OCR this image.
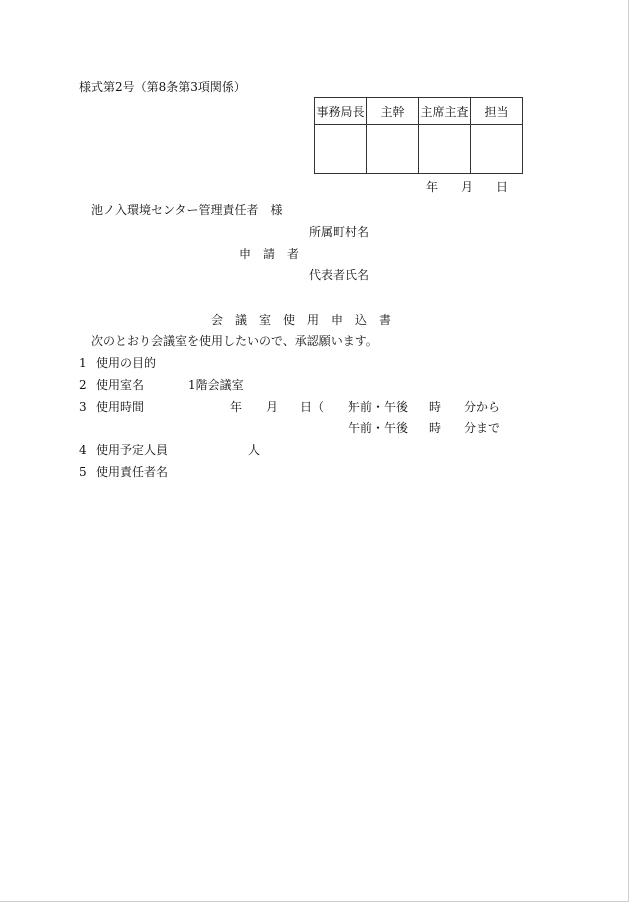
様式第2号（第8条第3項関係）
事務局長	主幹	主席主査	担当

年 月 日
池ノ入環境センター管理責任者　様
所属町村名
申　請　者
代表者氏名
会　議　室　使　用　申　込　書
次のとおり会議室を使用したいので、承認願います。
1 使用の目的
2 使用室名	1階会議室
3 使用時間	年 月 日（　　）
午前・午後 時 分から
午前・午後 時 分まで
4 使用予定人員	人
5 使用責任者名
